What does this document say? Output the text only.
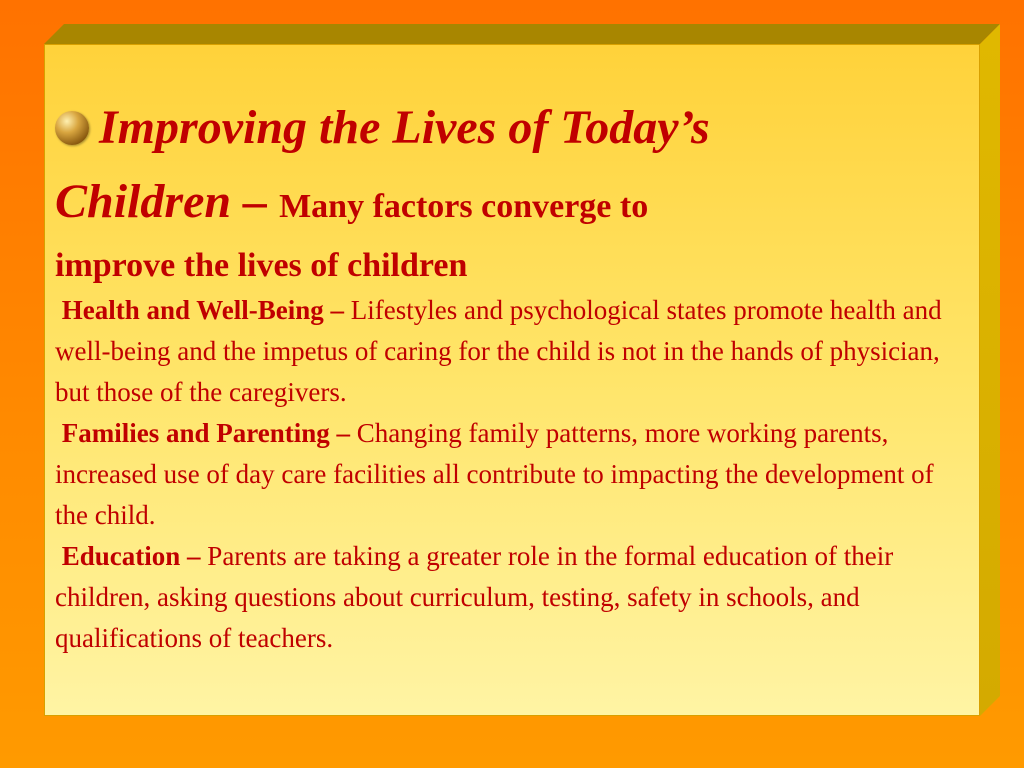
Improving the Lives of Today’s

Children – Many factors converge to

improve the lives of children

Health and Well-Being – Lifestyles and psychological states promote health and well-being and the impetus of caring for the child is not in the hands of physician, but those of the caregivers.

Families and Parenting – Changing family patterns, more working parents, increased use of day care facilities all contribute to impacting the development of the child.

Education – Parents are taking a greater role in the formal education of their children, asking questions about curriculum, testing, safety in schools, and qualifications of teachers.
